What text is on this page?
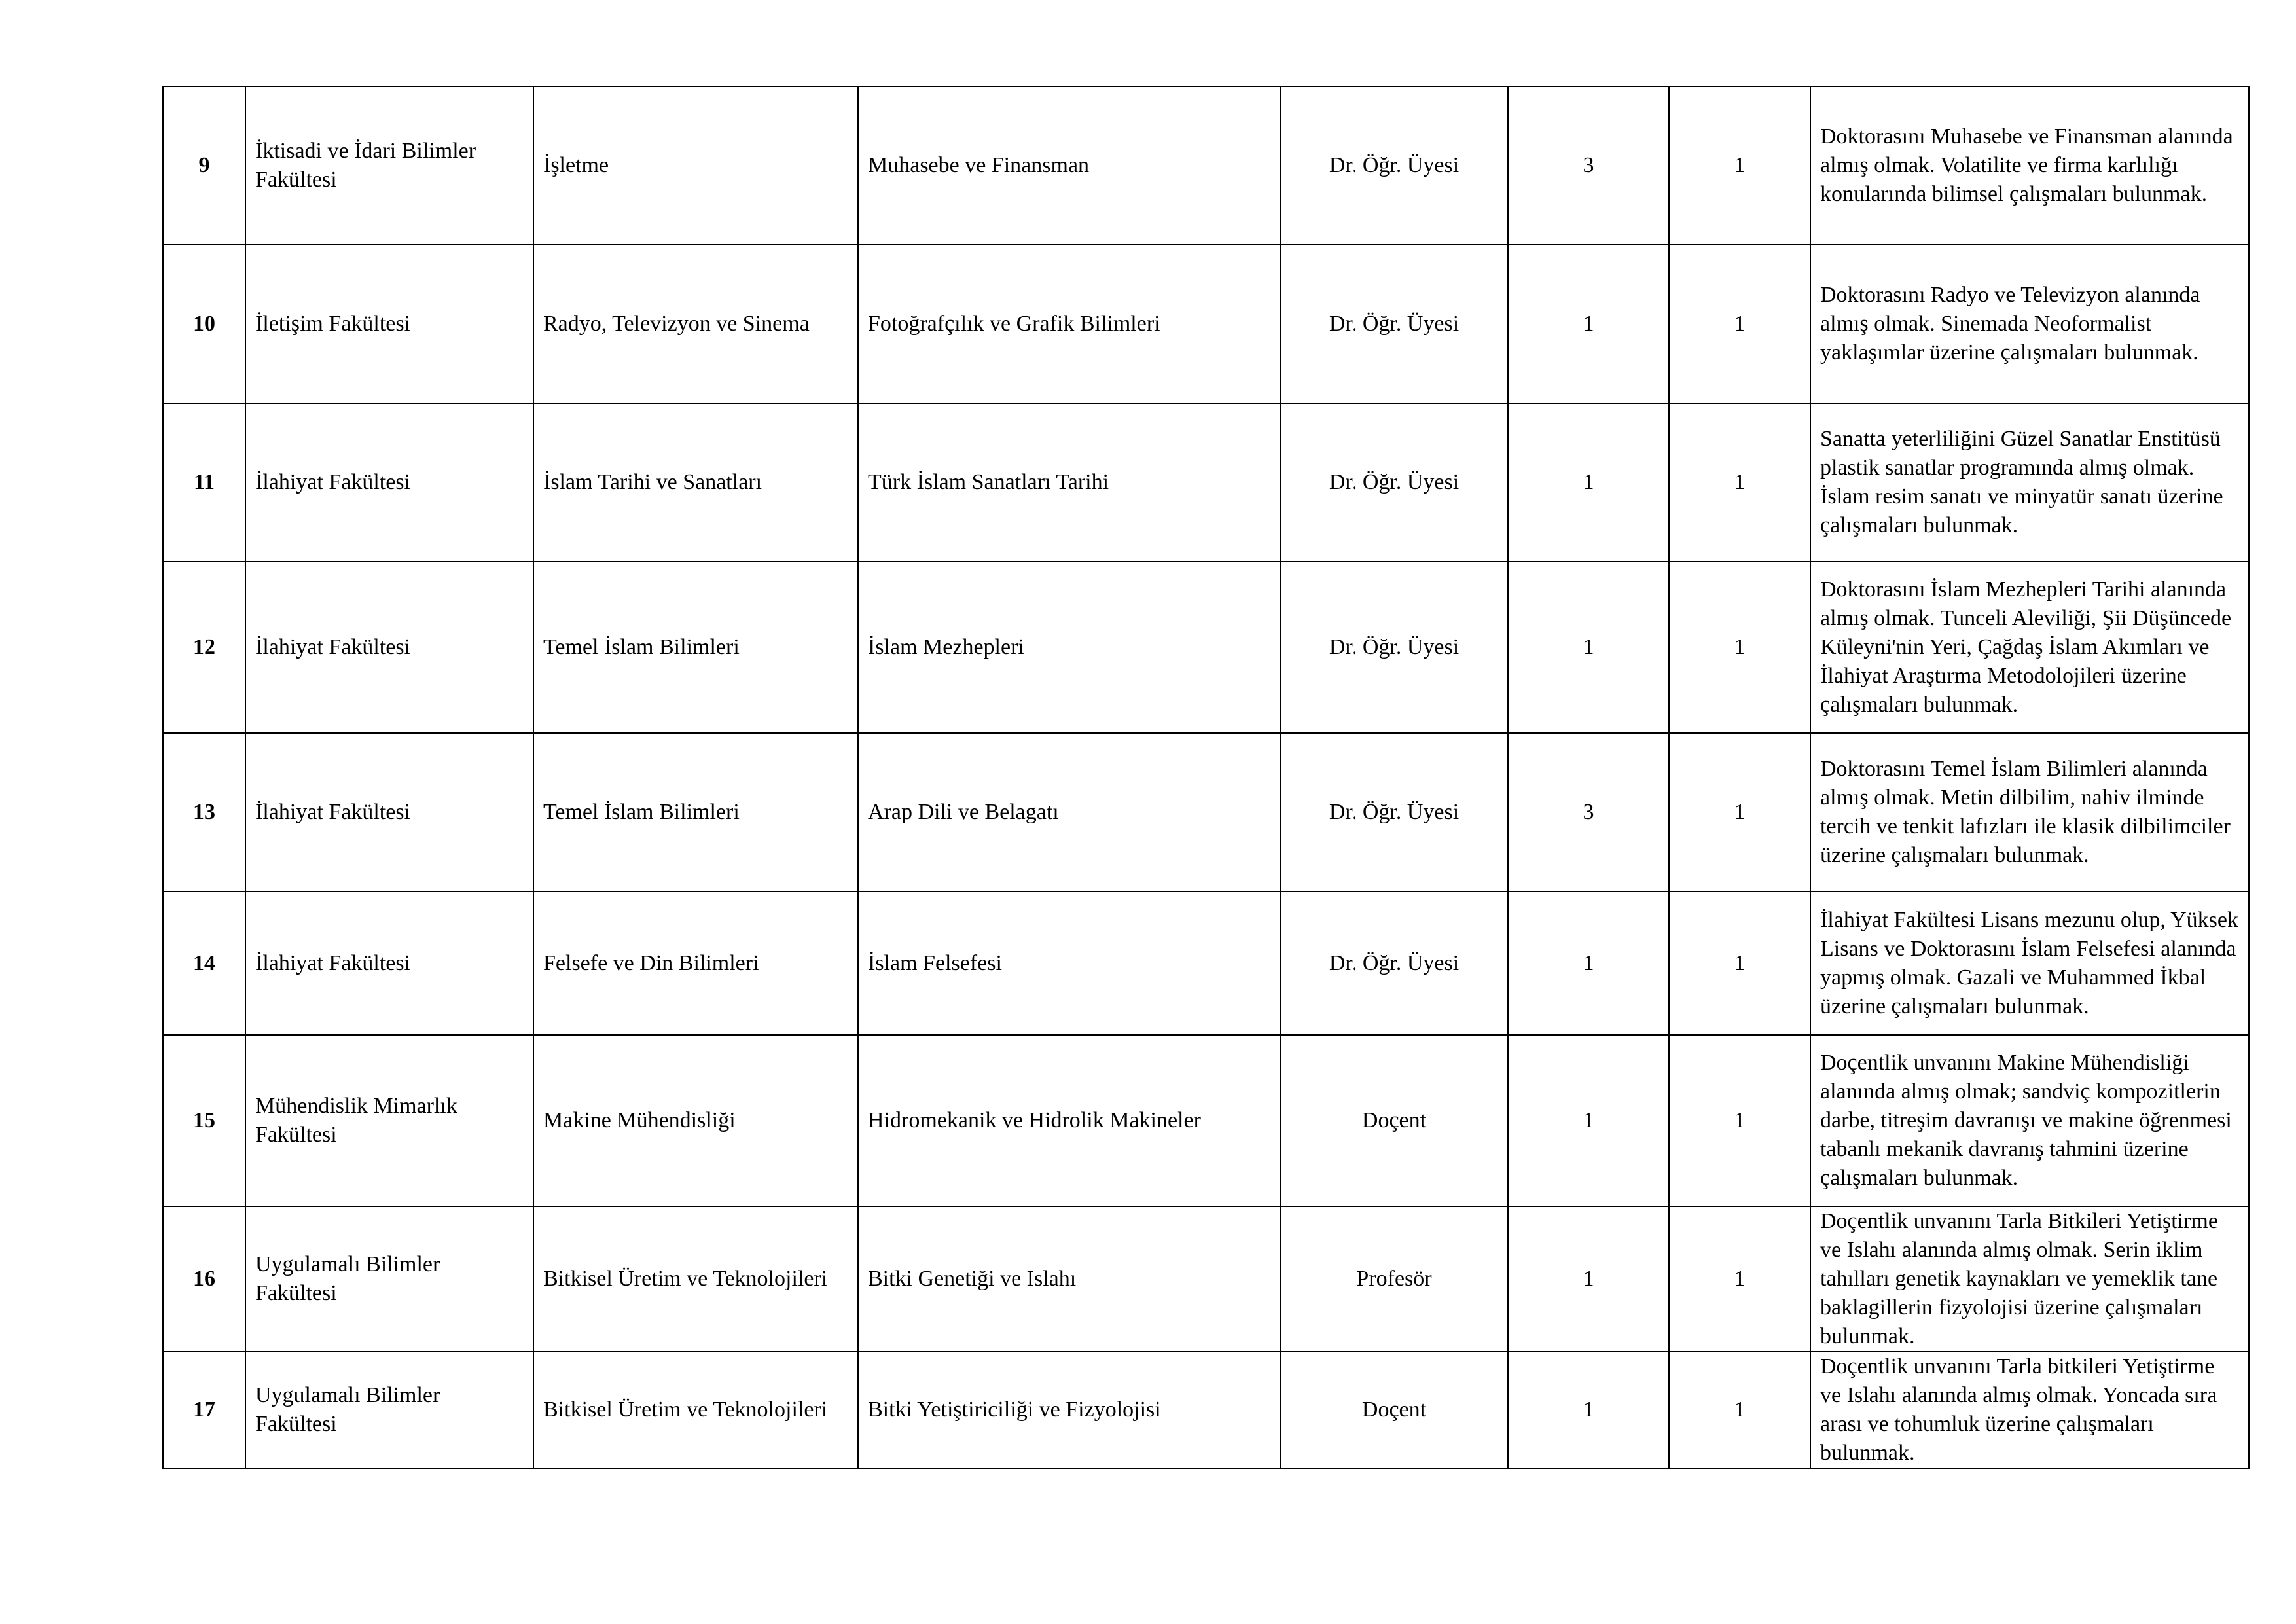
9	İktisadi ve İdari Bilimler Fakültesi	İşletme	Muhasebe ve Finansman	Dr. Öğr. Üyesi	3	1	Doktorasını Muhasebe ve Finansman alanında almış olmak. Volatilite ve firma karlılığı konularında bilimsel çalışmaları bulunmak.
10	İletişim Fakültesi	Radyo, Televizyon ve Sinema	Fotoğrafçılık ve Grafik Bilimleri	Dr. Öğr. Üyesi	1	1	Doktorasını Radyo ve Televizyon alanında almış olmak. Sinemada Neoformalist yaklaşımlar üzerine çalışmaları bulunmak.
11	İlahiyat Fakültesi	İslam Tarihi ve Sanatları	Türk İslam Sanatları Tarihi	Dr. Öğr. Üyesi	1	1	Sanatta yeterliliğini Güzel Sanatlar Enstitüsü plastik sanatlar programında almış olmak. İslam resim sanatı ve minyatür sanatı üzerine çalışmaları bulunmak.
12	İlahiyat Fakültesi	Temel İslam Bilimleri	İslam Mezhepleri	Dr. Öğr. Üyesi	1	1	Doktorasını İslam Mezhepleri Tarihi alanında almış olmak. Tunceli Aleviliği, Şii Düşüncede Küleyni'nin Yeri, Çağdaş İslam Akımları ve İlahiyat Araştırma Metodolojileri üzerine çalışmaları bulunmak.
13	İlahiyat Fakültesi	Temel İslam Bilimleri	Arap Dili ve Belagatı	Dr. Öğr. Üyesi	3	1	Doktorasını Temel İslam Bilimleri alanında almış olmak. Metin dilbilim, nahiv ilminde tercih ve tenkit lafızları ile klasik dilbilimciler üzerine çalışmaları bulunmak.
14	İlahiyat Fakültesi	Felsefe ve Din Bilimleri	İslam Felsefesi	Dr. Öğr. Üyesi	1	1	İlahiyat Fakültesi Lisans mezunu olup, Yüksek Lisans ve Doktorasını İslam Felsefesi alanında yapmış olmak. Gazali ve Muhammed İkbal üzerine çalışmaları bulunmak.
15	Mühendislik Mimarlık Fakültesi	Makine Mühendisliği	Hidromekanik ve Hidrolik Makineler	Doçent	1	1	Doçentlik unvanını Makine Mühendisliği alanında almış olmak; sandviç kompozitlerin darbe, titreşim davranışı ve makine öğrenmesi tabanlı mekanik davranış tahmini üzerine çalışmaları bulunmak.
16	Uygulamalı Bilimler Fakültesi	Bitkisel Üretim ve Teknolojileri	Bitki Genetiği ve Islahı	Profesör	1	1	Doçentlik unvanını Tarla Bitkileri Yetiştirme ve Islahı alanında almış olmak. Serin iklim tahılları genetik kaynakları ve yemeklik tane baklagillerin fizyolojisi üzerine çalışmaları bulunmak.
17	Uygulamalı Bilimler Fakültesi	Bitkisel Üretim ve Teknolojileri	Bitki Yetiştiriciliği ve Fizyolojisi	Doçent	1	1	Doçentlik unvanını Tarla bitkileri Yetiştirme ve Islahı alanında almış olmak. Yoncada sıra arası ve tohumluk üzerine çalışmaları bulunmak.
